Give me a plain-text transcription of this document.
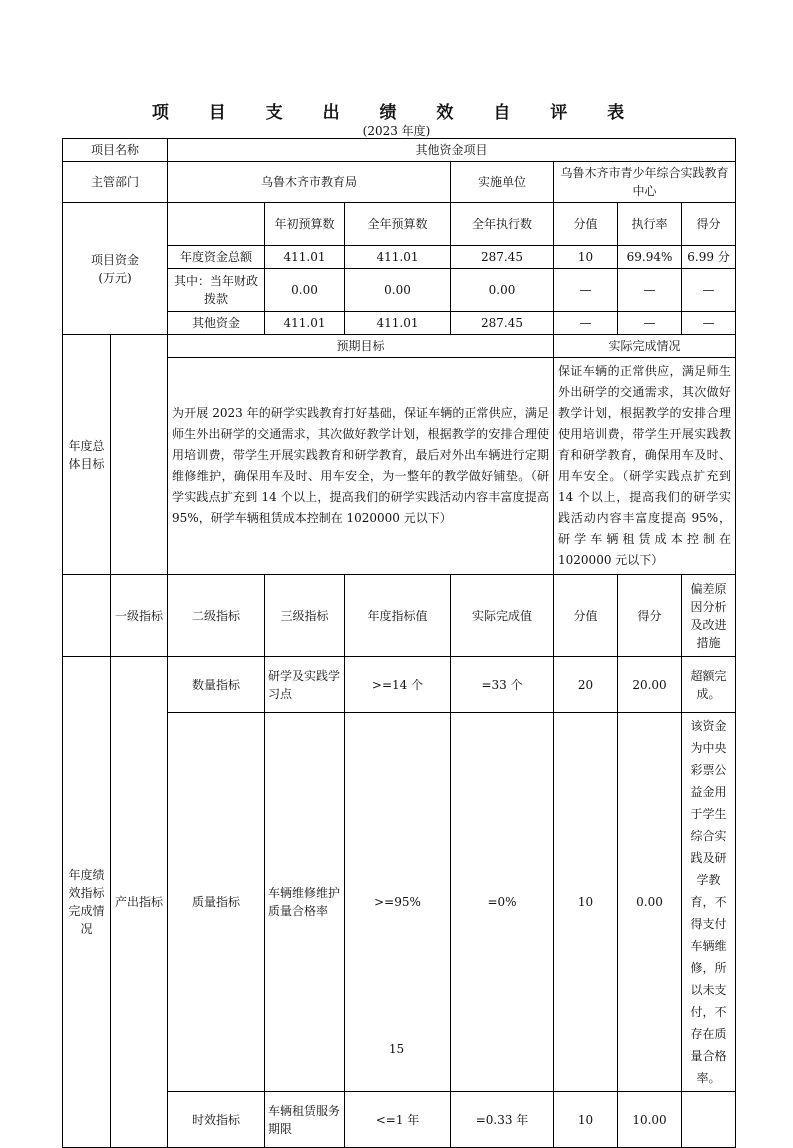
项 目 支 出 绩 效 自 评 表
(2023 年度)
项目名称		其他资金项目						
主管部门		乌鲁木齐市教育局			实施单位	乌鲁木齐市青少年综合实践教育中心		
项目资金
(万元)			年初预算数	全年预算数	全年执行数	分值	执行率	得分
		年度资金总额	411.01	411.01	287.45	10	69.94%	6.99 分
		其中：当年财政拨款	0.00	0.00	0.00	—	—	—
		其他资金	411.01	411.01	287.45	—	—	—
年度总体目标		预期目标				实际完成情况		
		为开展 2023 年的研学实践教育打好基础，保证车辆的正常供应，满足师生外出研学的交通需求，其次做好教学计划，根据教学的安排合理使用培训费，带学生开展实践教育和研学教育，最后对外出车辆进行定期维修维护，确保用车及时、用车安全，为一整年的教学做好铺垫。（研学实践点扩充到 14 个以上，提高我们的研学实践活动内容丰富度提高 95%，研学车辆租赁成本控制在 1020000 元以下）				保证车辆的正常供应，满足师生外出研学的交通需求，其次做好教学计划，根据教学的安排合理使用培训费，带学生开展实践教育和研学教育，确保用车及时、用车安全。（研学实践点扩充到 14 个以上，提高我们的研学实践活动内容丰富度提高 95%，研学车辆租赁成本控制在 1020000 元以下）		
	一级指标	二级指标	三级指标	年度指标值	实际完成值	分值	得分	偏差原因分析及改进措施
年度绩效指标完成情况	产出指标	数量指标	研学及实践学习点	>=14 个	=33 个	20	20.00	超额完成。
		质量指标	车辆维修维护质量合格率	>=95%	=0%	10	0.00	该资金为中央彩票公益金用于学生综合实践及研学教育，不得支付车辆维修，所以未支付，不存在质量合格率。
		时效指标	车辆租赁服务期限	<=1 年	=0.33 年	10	10.00	
15
